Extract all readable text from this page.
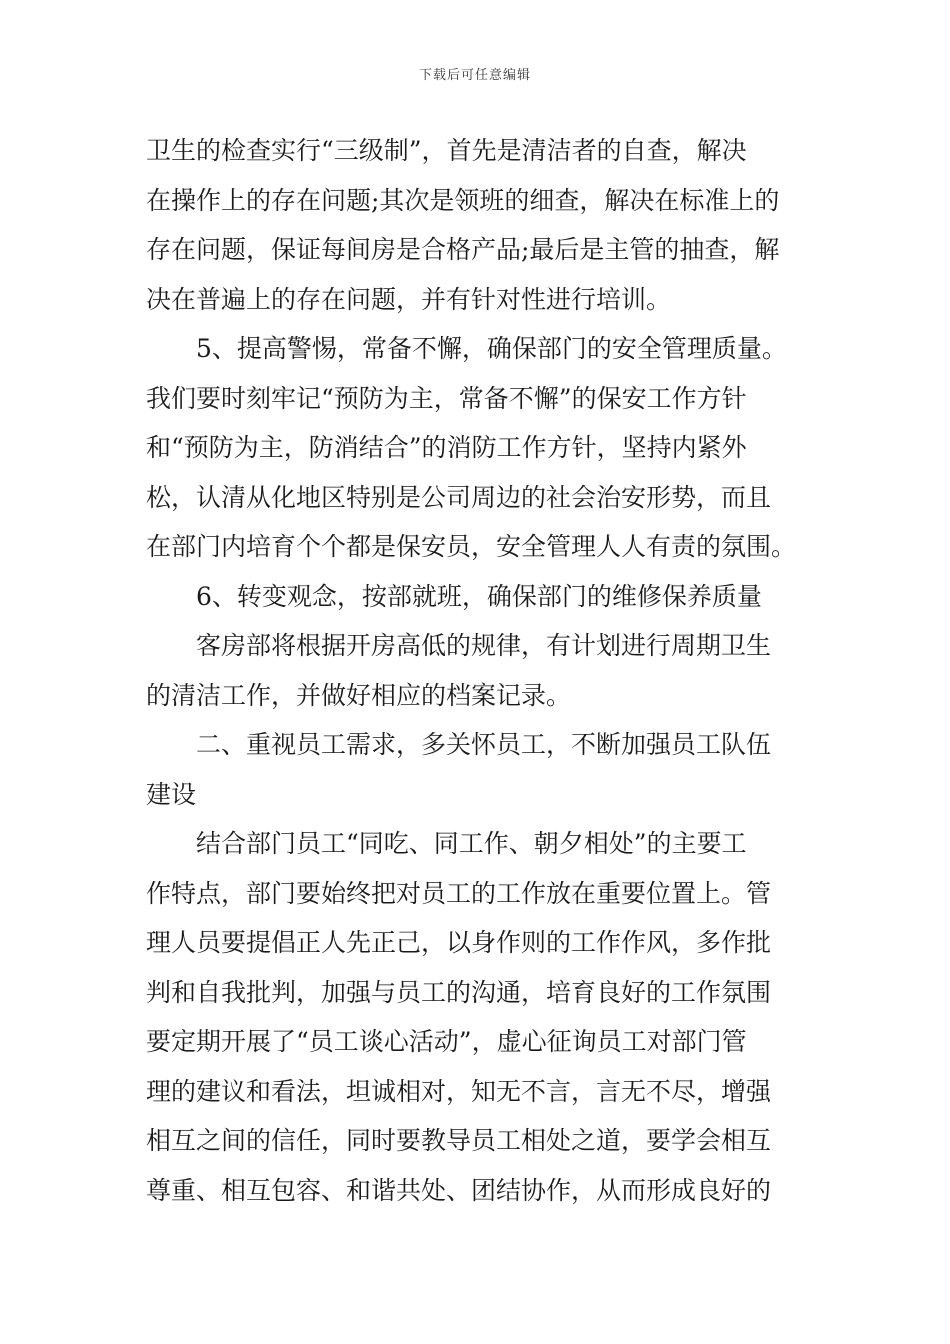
下载后可任意编辑

卫生的检查实行“三级制”，首先是清洁者的自查，解决
在操作上的存在问题;其次是领班的细查，解决在标准上的
存在问题，保证每间房是合格产品;最后是主管的抽查，解
决在普遍上的存在问题，并有针对性进行培训。

5、提高警惕，常备不懈，确保部门的安全管理质量。
我们要时刻牢记“预防为主，常备不懈”的保安工作方针
和“预防为主，防消结合”的消防工作方针，坚持内紧外
松，认清从化地区特别是公司周边的社会治安形势，而且
在部门内培育个个都是保安员，安全管理人人有责的氛围。

6、转变观念，按部就班，确保部门的维修保养质量

客房部将根据开房高低的规律，有计划进行周期卫生
的清洁工作，并做好相应的档案记录。

二、重视员工需求，多关怀员工，不断加强员工队伍
建设

结合部门员工“同吃、同工作、朝夕相处”的主要工
作特点，部门要始终把对员工的工作放在重要位置上。管
理人员要提倡正人先正己，以身作则的工作作风，多作批
判和自我批判，加强与员工的沟通，培育良好的工作氛围
要定期开展了“员工谈心活动”，虚心征询员工对部门管
理的建议和看法，坦诚相对，知无不言，言无不尽，增强
相互之间的信任，同时要教导员工相处之道，要学会相互
尊重、相互包容、和谐共处、团结协作，从而形成良好的
